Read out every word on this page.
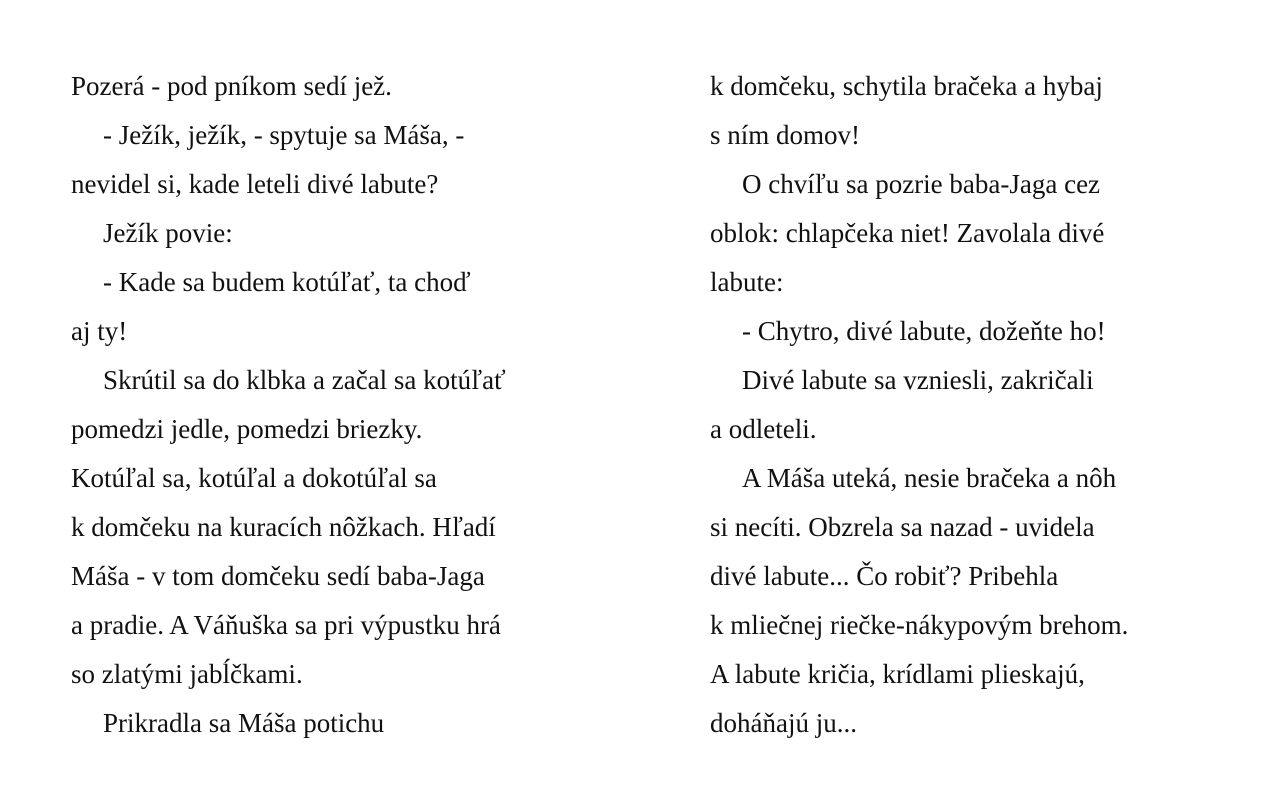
Pozerá - pod pníkom sedí jež.
- Ježík, ježík, - spytuje sa Máša, -
nevidel si, kade leteli divé labute?
Ježík povie:
- Kade sa budem kotúľať, ta choď
aj ty!
Skrútil sa do klbka a začal sa kotúľať
pomedzi jedle, pomedzi briezky.
Kotúľal sa, kotúľal a dokotúľal sa
k domčeku na kuracích nôžkach. Hľadí
Máša - v tom domčeku sedí baba-Jaga
a pradie. A Váňuška sa pri výpustku hrá
so zlatými jabĺčkami.
Prikradla sa Máša potichu
k domčeku, schytila bračeka a hybaj
s ním domov!
O chvíľu sa pozrie baba-Jaga cez
oblok: chlapčeka niet! Zavolala divé
labute:
- Chytro, divé labute, dožeňte ho!
Divé labute sa vzniesli, zakričali
a odleteli.
A Máša uteká, nesie bračeka a nôh
si necíti. Obzrela sa nazad - uvidela
divé labute... Čo robiť? Pribehla
k mliečnej riečke-nákypovým brehom.
A labute kričia, krídlami plieskajú,
doháňajú ju...
